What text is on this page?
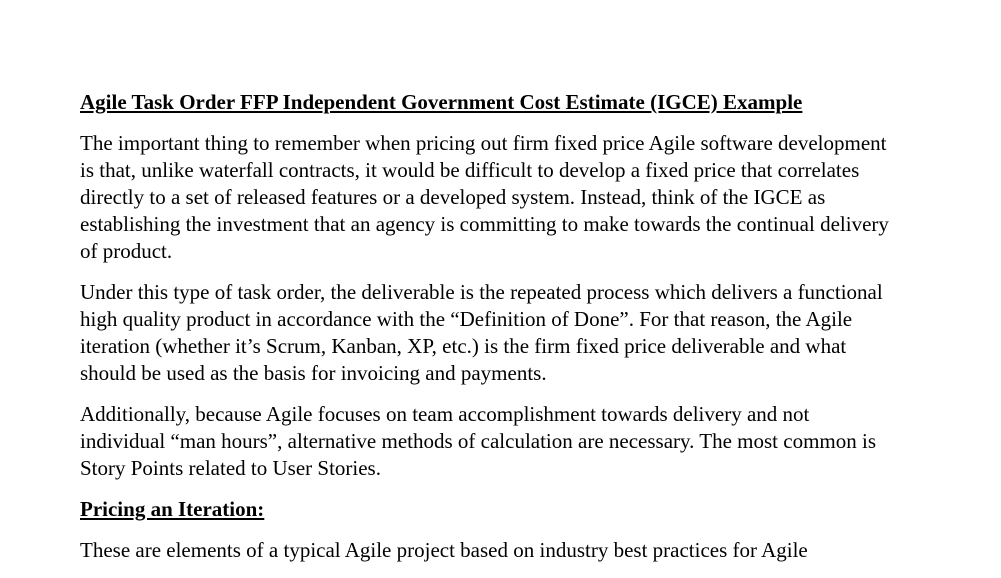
Agile Task Order FFP Independent Government Cost Estimate (IGCE) Example
The important thing to remember when pricing out firm fixed price Agile software development
is that, unlike waterfall contracts, it would be difficult to develop a fixed price that correlates
directly to a set of released features or a developed system. Instead, think of the IGCE as
establishing the investment that an agency is committing to make towards the continual delivery
of product.
Under this type of task order, the deliverable is the repeated process which delivers a functional
high quality product in accordance with the “Definition of Done”. For that reason, the Agile
iteration (whether it’s Scrum, Kanban, XP, etc.) is the firm fixed price deliverable and what
should be used as the basis for invoicing and payments.
Additionally, because Agile focuses on team accomplishment towards delivery and not
individual “man hours”, alternative methods of calculation are necessary. The most common is
Story Points related to User Stories.
Pricing an Iteration:
These are elements of a typical Agile project based on industry best practices for Agile
